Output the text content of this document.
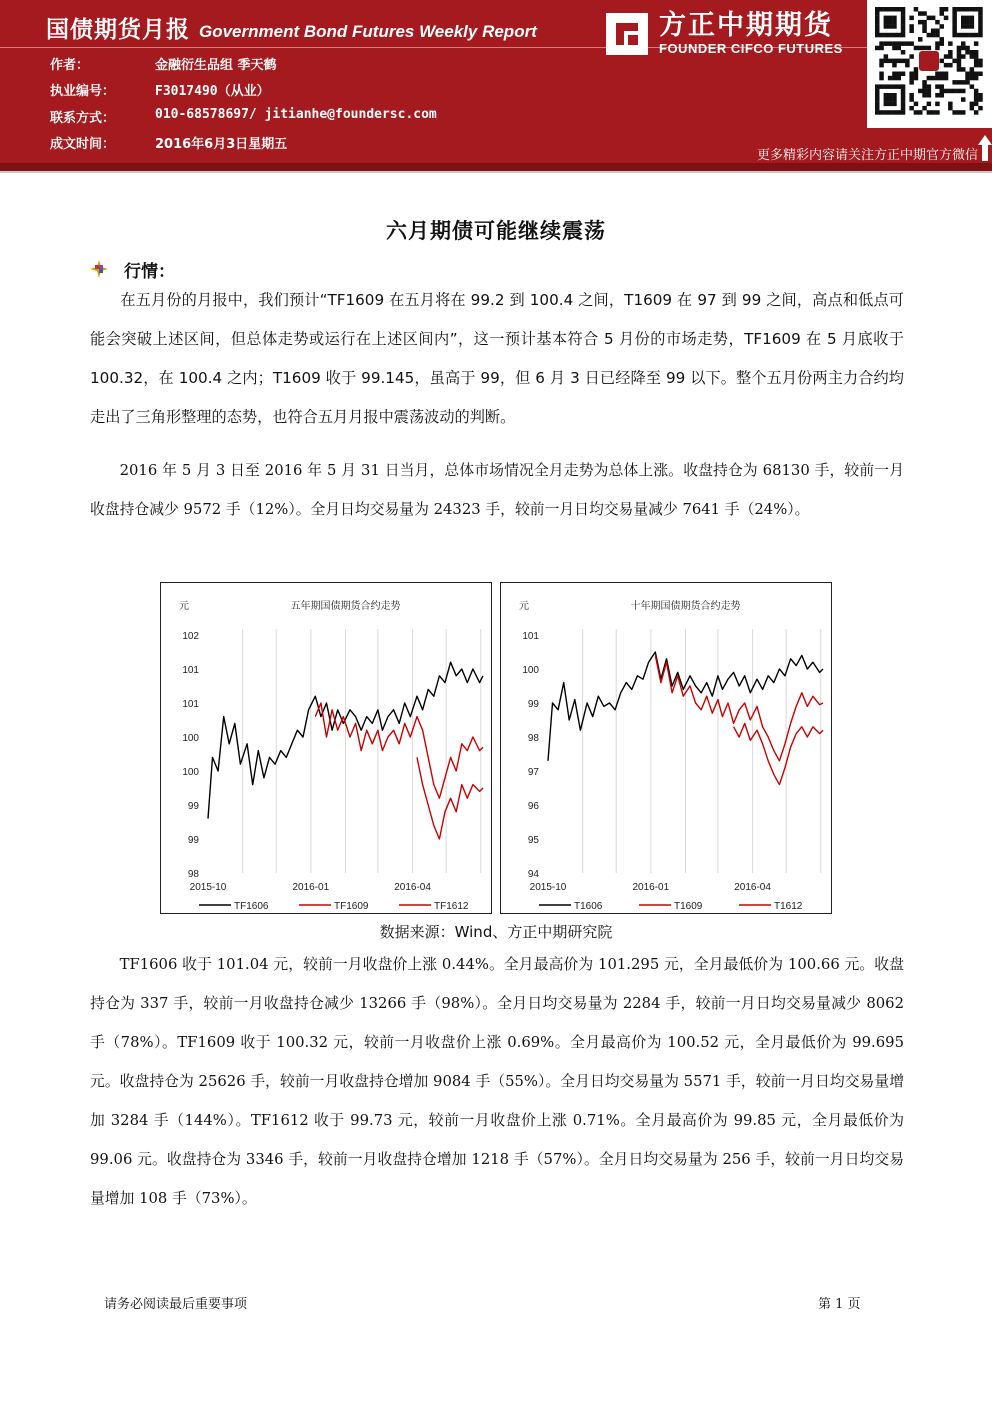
国债期货月报 Government Bond Futures Weekly Report
作者：	金融衍生品组 季天鹤
执业编号：	F3017490（从业）
联系方式：	010-68578697/ jitianhe@foundersc.com
成文时间：	2016年6月3日星期五
方正中期期货
FOUNDER CIFCO FUTURES
更多精彩内容请关注方正中期官方微信
六月期债可能继续震荡
行情：

在五月份的月报中，我们预计“TF1609 在五月将在 99.2 到 100.4 之间，T1609 在 97 到 99 之间，高点和低点可能会突破上述区间，但总体走势或运行在上述区间内”，这一预计基本符合 5 月份的市场走势，TF1609 在 5 月底收于 100.32，在 100.4 之内；T1609 收于 99.145，虽高于 99，但 6 月 3 日已经降至 99 以下。整个五月份两主力合约均走出了三角形整理的态势，也符合五月月报中震荡波动的判断。

2016 年 5 月 3 日至 2016 年 5 月 31 日当月，总体市场情况全月走势为总体上涨。收盘持仓为 68130 手，较前一月收盘持仓减少 9572 手（12%）。全月日均交易量为 24323 手，较前一月日均交易量减少 7641 手（24%）。

五年期国债期货合约走势
元
102
101
101
100
100
99
99
98
2015-10	2016-01	2016-04
TF1606	TF1609	TF1612
十年期国债期货合约走势
元
101
100
99
98
97
96
95
94
2015-10	2016-01	2016-04
T1606	T1609	T1612
数据来源：Wind、方正中期研究院

TF1606 收于 101.04 元，较前一月收盘价上涨 0.44%。全月最高价为 101.295 元，全月最低价为 100.66 元。收盘持仓为 337 手，较前一月收盘持仓减少 13266 手（98%）。全月日均交易量为 2284 手，较前一月日均交易量减少 8062 手（78%）。TF1609 收于 100.32 元，较前一月收盘价上涨 0.69%。全月最高价为 100.52 元，全月最低价为 99.695 元。收盘持仓为 25626 手，较前一月收盘持仓增加 9084 手（55%）。全月日均交易量为 5571 手，较前一月日均交易量增加 3284 手（144%）。TF1612 收于 99.73 元，较前一月收盘价上涨 0.71%。全月最高价为 99.85 元，全月最低价为 99.06 元。收盘持仓为 3346 手，较前一月收盘持仓增加 1218 手（57%）。全月日均交易量为 256 手，较前一月日均交易量增加 108 手（73%）。

请务必阅读最后重要事项	第 1 页
